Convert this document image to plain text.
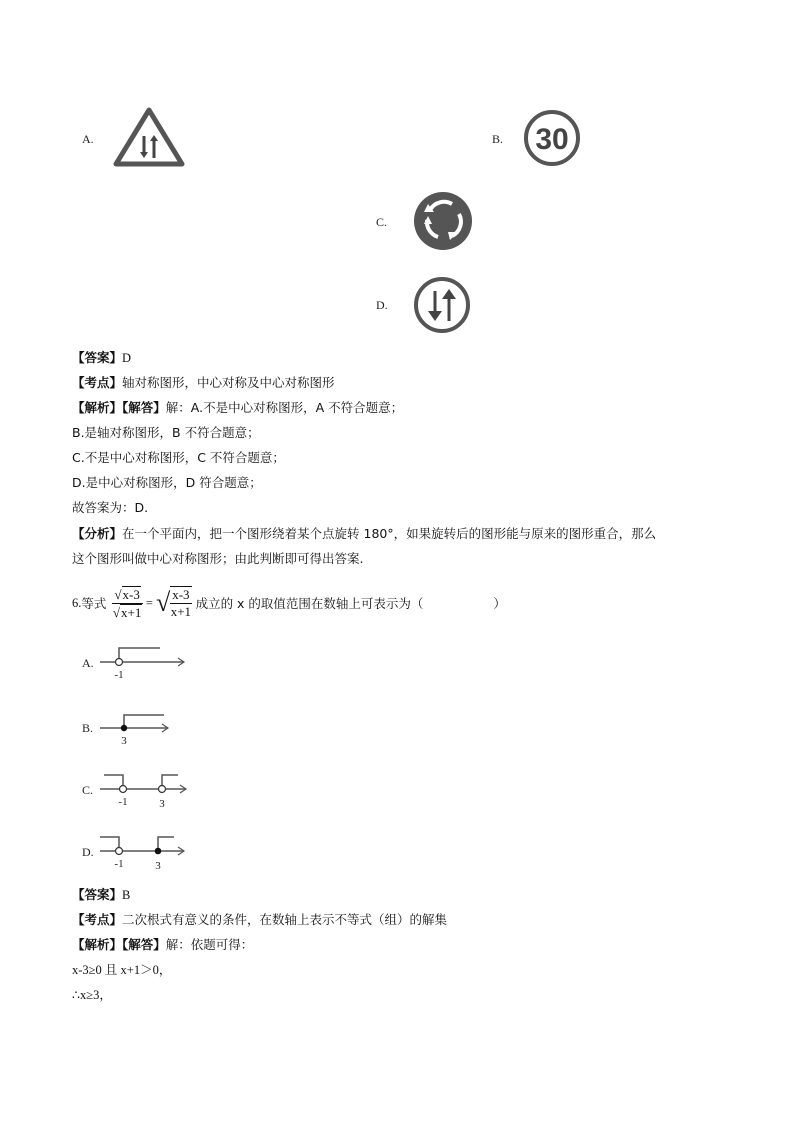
A.	B. 30
C.
D.
【答案】D
【考点】轴对称图形，中心对称及中心对称图形
【解析】【解答】解：A.不是中心对称图形，A 不符合题意；
B.是轴对称图形，B 不符合题意；
C.不是中心对称图形，C 不符合题意；
D.是中心对称图形，D 符合题意；
故答案为：D.
【分析】在一个平面内，把一个图形绕着某个点旋转 180°，如果旋转后的图形能与原来的图形重合，那么
这个图形叫做中心对称图形；由此判断即可得出答案.
6. 等式 $\frac{√x-3}{√x+1}$ = √ $\frac{x-3}{x+1}$ 成立的 x 的取值范围在数轴上可表示为（	）
A.
-1
B.
3
C.
-1	3
D.
-1	3
【答案】B
【考点】二次根式有意义的条件，在数轴上表示不等式（组）的解集
【解析】【解答】解：依题可得：
x-3≥0 且 x+1＞0，
∴x≥3，
